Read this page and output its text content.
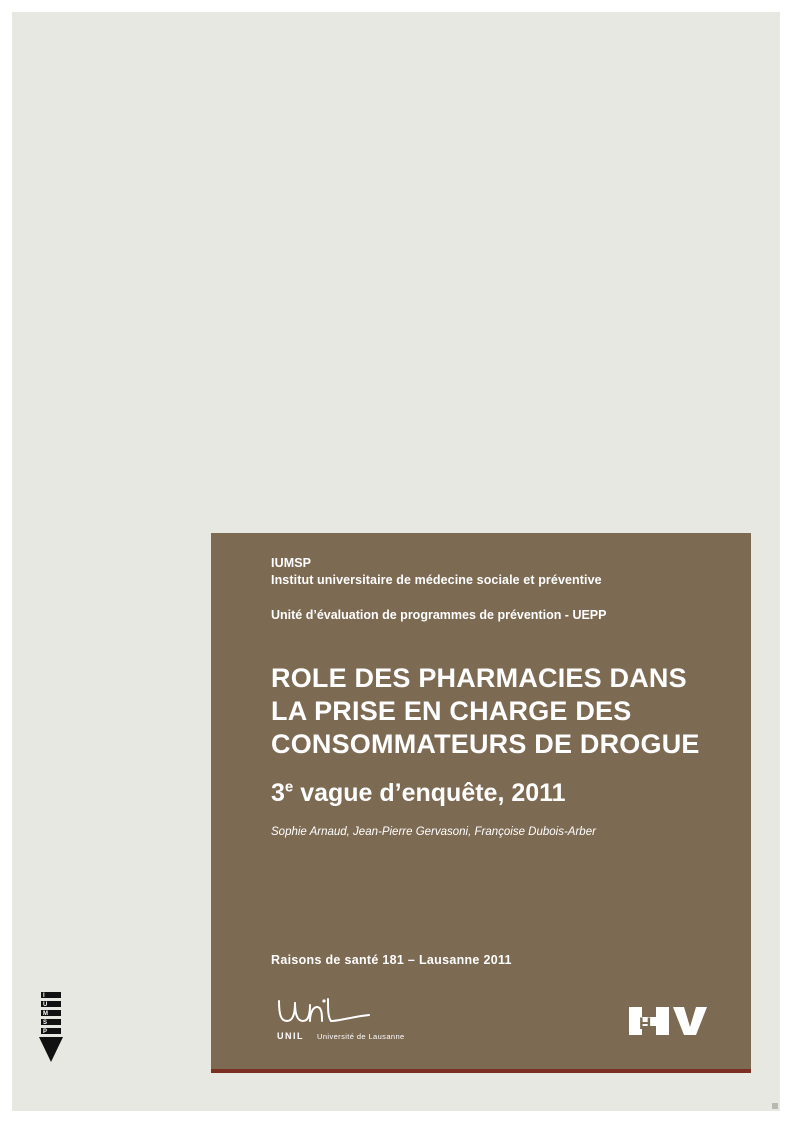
I
U
M
S
P
IUMSP
Institut universitaire de médecine sociale et préventive
Unité d’évaluation de programmes de prévention - UEPP
ROLE DES PHARMACIES DANS LA PRISE EN CHARGE DES CONSOMMATEURS DE DROGUE
3e vague d’enquête, 2011
Sophie Arnaud, Jean-Pierre Gervasoni, Françoise Dubois-Arber
Raisons de santé 181 – Lausanne 2011
UNIL Université de Lausanne
H
